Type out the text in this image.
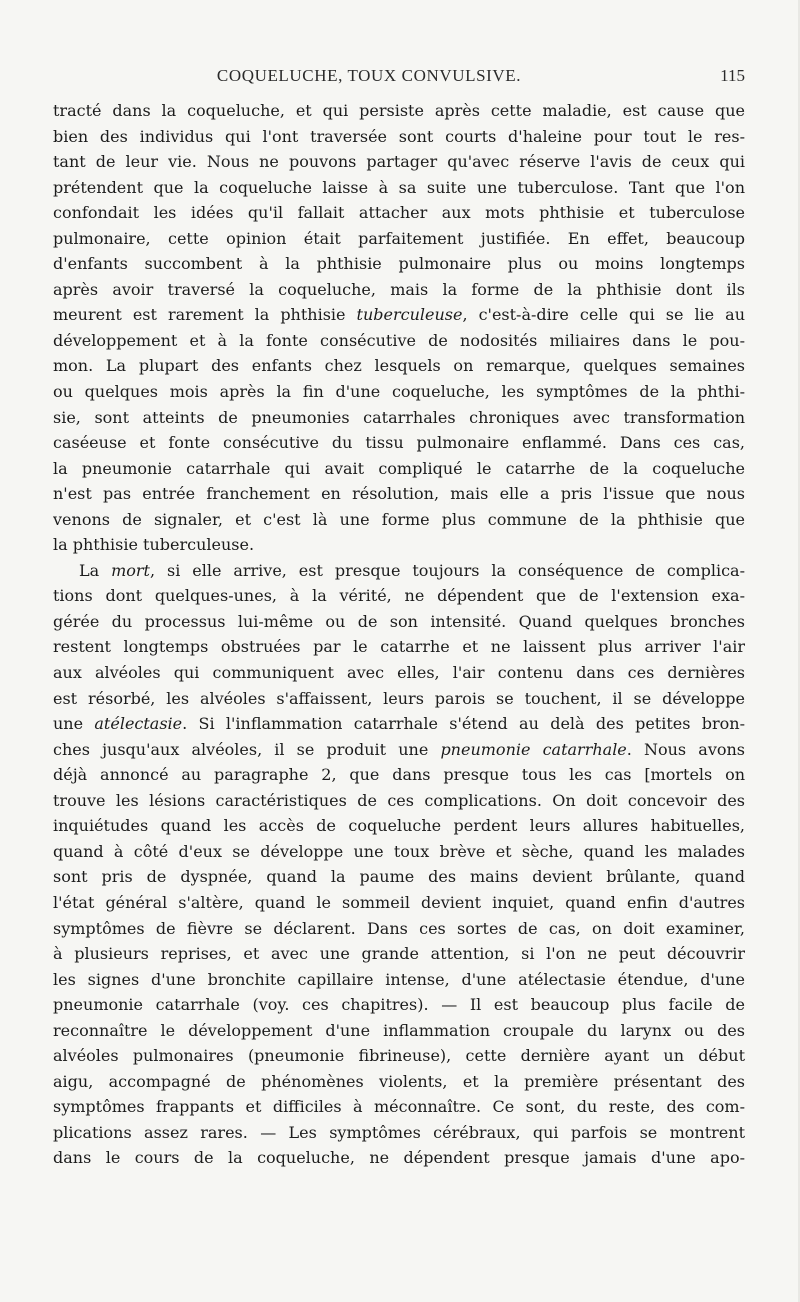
COQUELUCHE, TOUX CONVULSIVE.	115
tracté dans la coqueluche, et qui persiste après cette maladie, est cause que
bien des individus qui l'ont traversée sont courts d'haleine pour tout le res-
tant de leur vie. Nous ne pouvons partager qu'avec réserve l'avis de ceux qui
prétendent que la coqueluche laisse à sa suite une tuberculose. Tant que l'on
confondait les idées qu'il fallait attacher aux mots phthisie et tuberculose
pulmonaire, cette opinion était parfaitement justifiée. En effet, beaucoup
d'enfants succombent à la phthisie pulmonaire plus ou moins longtemps
après avoir traversé la coqueluche, mais la forme de la phthisie dont ils
meurent est rarement la phthisie tuberculeuse, c'est-à-dire celle qui se lie au
développement et à la fonte consécutive de nodosités miliaires dans le pou-
mon. La plupart des enfants chez lesquels on remarque, quelques semaines
ou quelques mois après la fin d'une coqueluche, les symptômes de la phthi-
sie, sont atteints de pneumonies catarrhales chroniques avec transformation
caséeuse et fonte consécutive du tissu pulmonaire enflammé. Dans ces cas,
la pneumonie catarrhale qui avait compliqué le catarrhe de la coqueluche
n'est pas entrée franchement en résolution, mais elle a pris l'issue que nous
venons de signaler, et c'est là une forme plus commune de la phthisie que
la phthisie tuberculeuse.
La mort, si elle arrive, est presque toujours la conséquence de complica-
tions dont quelques-unes, à la vérité, ne dépendent que de l'extension exa-
gérée du processus lui-même ou de son intensité. Quand quelques bronches
restent longtemps obstruées par le catarrhe et ne laissent plus arriver l'air
aux alvéoles qui communiquent avec elles, l'air contenu dans ces dernières
est résorbé, les alvéoles s'affaissent, leurs parois se touchent, il se développe
une atélectasie. Si l'inflammation catarrhale s'étend au delà des petites bron-
ches jusqu'aux alvéoles, il se produit une pneumonie catarrhale. Nous avons
déjà annoncé au paragraphe 2, que dans presque tous les cas [mortels on
trouve les lésions caractéristiques de ces complications. On doit concevoir des
inquiétudes quand les accès de coqueluche perdent leurs allures habituelles,
quand à côté d'eux se développe une toux brève et sèche, quand les malades
sont pris de dyspnée, quand la paume des mains devient brûlante, quand
l'état général s'altère, quand le sommeil devient inquiet, quand enfin d'autres
symptômes de fièvre se déclarent. Dans ces sortes de cas, on doit examiner,
à plusieurs reprises, et avec une grande attention, si l'on ne peut découvrir
les signes d'une bronchite capillaire intense, d'une atélectasie étendue, d'une
pneumonie catarrhale (voy. ces chapitres). — Il est beaucoup plus facile de
reconnaître le développement d'une inflammation croupale du larynx ou des
alvéoles pulmonaires (pneumonie fibrineuse), cette dernière ayant un début
aigu, accompagné de phénomènes violents, et la première présentant des
symptômes frappants et difficiles à méconnaître. Ce sont, du reste, des com-
plications assez rares. — Les symptômes cérébraux, qui parfois se montrent
dans le cours de la coqueluche, ne dépendent presque jamais d'une apo-
